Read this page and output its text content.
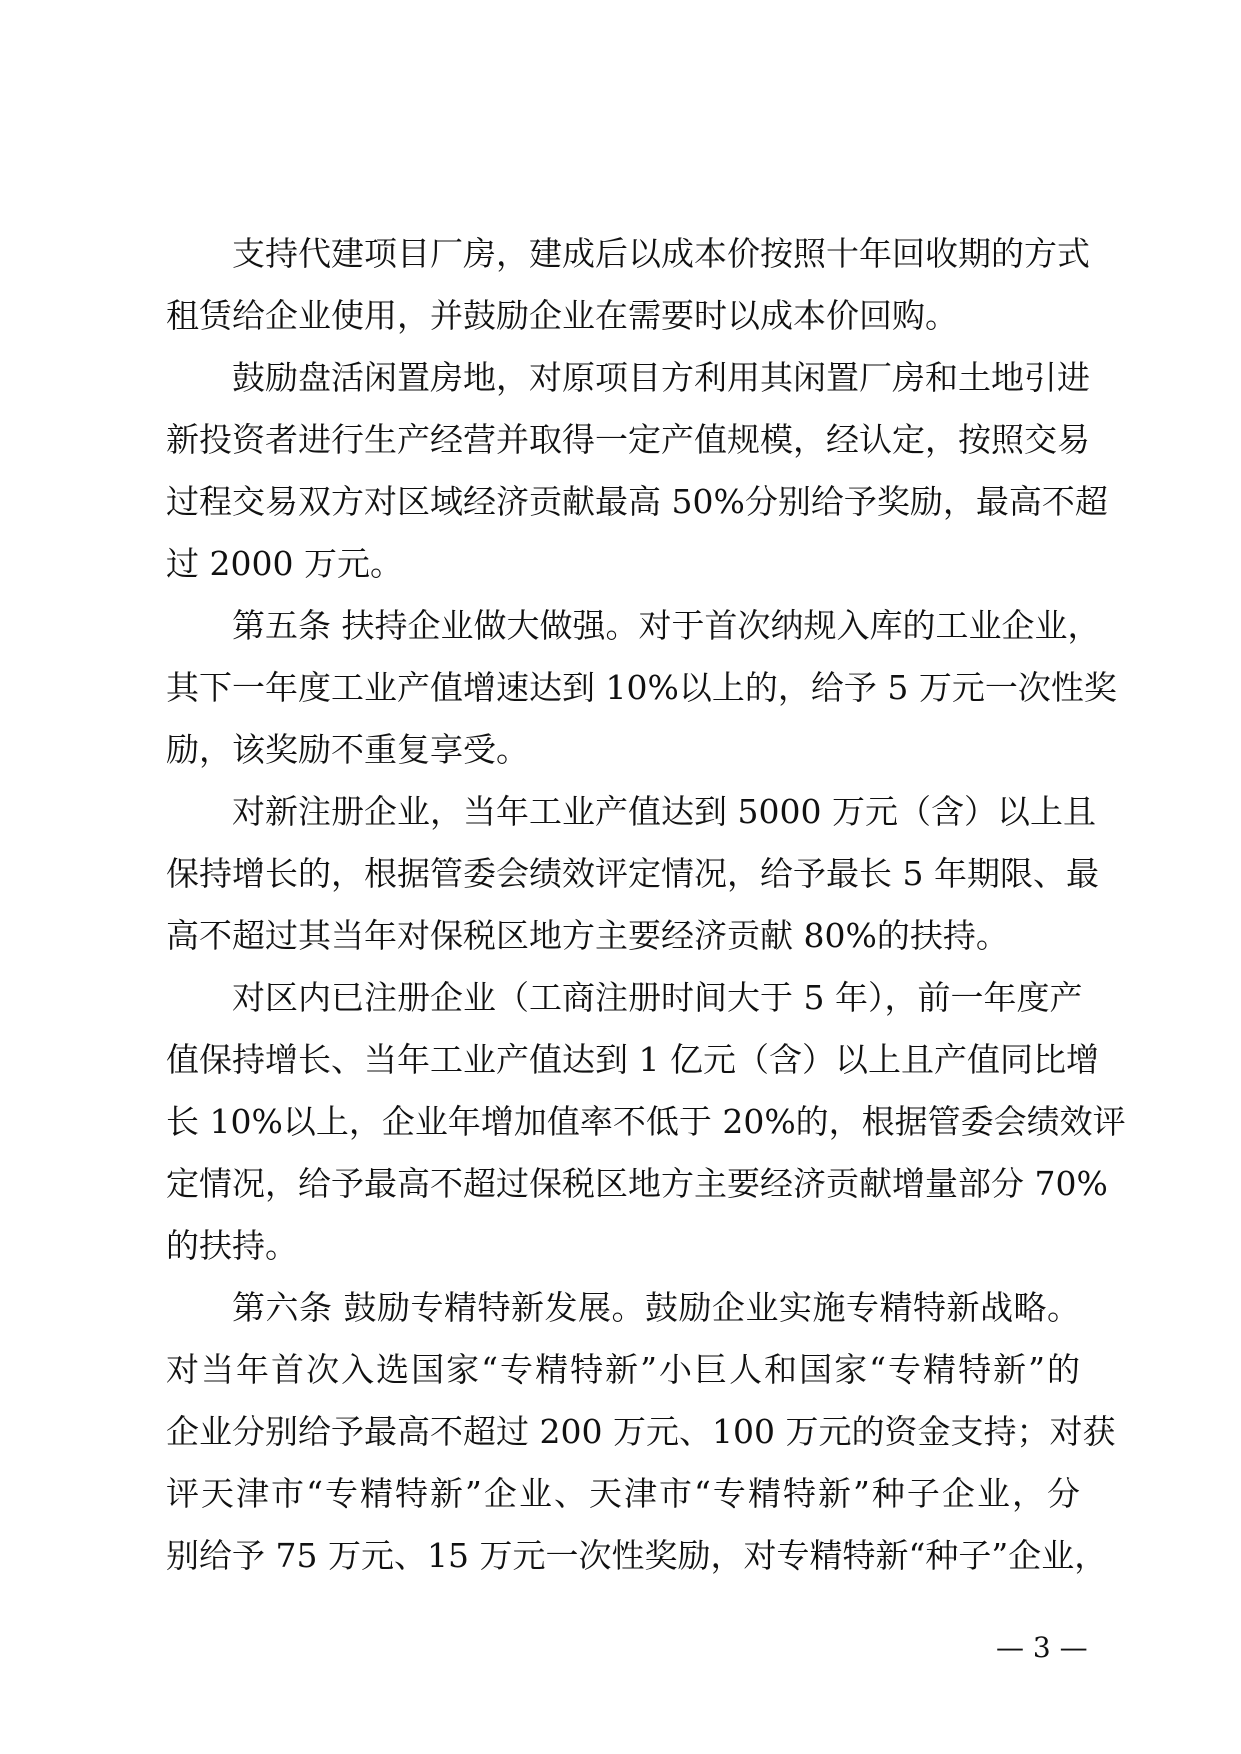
支持代建项目厂房，建成后以成本价按照十年回收期的方式
租赁给企业使用，并鼓励企业在需要时以成本价回购。
鼓励盘活闲置房地，对原项目方利用其闲置厂房和土地引进
新投资者进行生产经营并取得一定产值规模，经认定，按照交易
过程交易双方对区域经济贡献最高 50%分别给予奖励，最高不超
过 2000 万元。
第五条 扶持企业做大做强。对于首次纳规入库的工业企业，
其下一年度工业产值增速达到 10%以上的，给予 5 万元一次性奖
励，该奖励不重复享受。
对新注册企业，当年工业产值达到 5000 万元（含）以上且
保持增长的，根据管委会绩效评定情况，给予最长 5 年期限、最
高不超过其当年对保税区地方主要经济贡献 80%的扶持。
对区内已注册企业（工商注册时间大于 5 年），前一年度产
值保持增长、当年工业产值达到 1 亿元（含）以上且产值同比增
长 10%以上，企业年增加值率不低于 20%的，根据管委会绩效评
定情况，给予最高不超过保税区地方主要经济贡献增量部分 70%
的扶持。
第六条 鼓励专精特新发展。鼓励企业实施专精特新战略。
对当年首次入选国家“专精特新”小巨人和国家“专精特新”的
企业分别给予最高不超过 200 万元、100 万元的资金支持；对获
评天津市“专精特新”企业、天津市“专精特新”种子企业，分
别给予 75 万元、15 万元一次性奖励，对专精特新“种子”企业，
— 3 —
